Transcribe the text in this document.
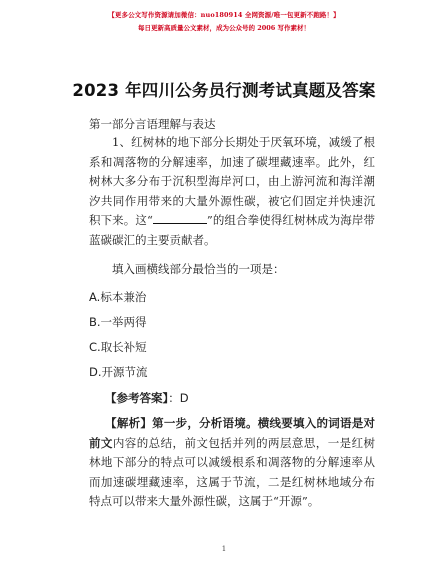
【更多公文写作资源请加微信：nuo180914 全网资源/唯一包更新不跑路！】
每日更新高质量公文素材，成为公众号的 2006 写作素材！
2023 年四川公务员行测考试真题及答案
第一部分言语理解与表达
1、红树林的地下部分长期处于厌氧环境，减缓了根系和凋落物的分解速率，加速了碳埋藏速率。此外，红树林大多分布于沉积型海岸河口，由上游河流和海洋潮汐共同作用带来的大量外源性碳，被它们固定并快速沉积下来。这“	”的组合拳使得红树林成为海岸带蓝碳碳汇的主要贡献者。
填入画横线部分最恰当的一项是：
A.标本兼治
B.一举两得
C.取长补短
D.开源节流
【参考答案】：D
【解析】第一步，分析语境。横线要填入的词语是对前文内容的总结，前文包括并列的两层意思，一是红树林地下部分的特点可以减缓根系和凋落物的分解速率从而加速碳埋藏速率，这属于节流，二是红树林地域分布特点可以带来大量外源性碳，这属于“开源”。
1
